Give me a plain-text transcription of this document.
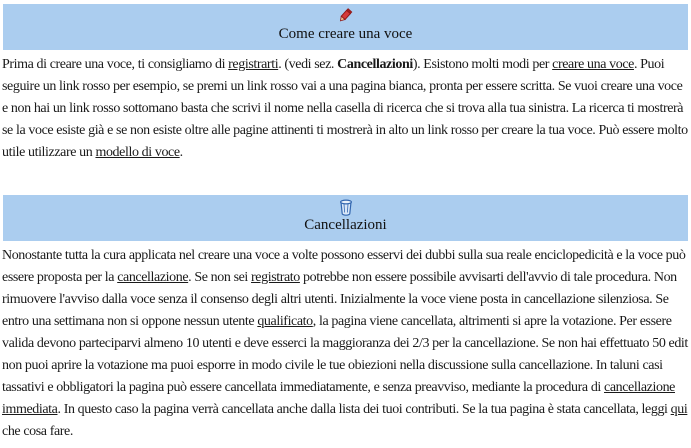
Come creare una voce

Prima di creare una voce, ti consigliamo di registrarti. (vedi sez. Cancellazioni). Esistono molti modi per creare una voce. Puoi seguire un link rosso per esempio, se premi un link rosso vai a una pagina bianca, pronta per essere scritta. Se vuoi creare una voce e non hai un link rosso sottomano basta che scrivi il nome nella casella di ricerca che si trova alla tua sinistra. La ricerca ti mostrerà se la voce esiste già e se non esiste oltre alle pagine attinenti ti mostrerà in alto un link rosso per creare la tua voce. Può essere molto utile utilizzare un modello di voce.

Cancellazioni

Nonostante tutta la cura applicata nel creare una voce a volte possono esservi dei dubbi sulla sua reale enciclopedicità e la voce può essere proposta per la cancellazione. Se non sei registrato potrebbe non essere possibile avvisarti dell'avvio di tale procedura. Non rimuovere l'avviso dalla voce senza il consenso degli altri utenti. Inizialmente la voce viene posta in cancellazione silenziosa. Se entro una settimana non si oppone nessun utente qualificato, la pagina viene cancellata, altrimenti si apre la votazione. Per essere valida devono parteciparvi almeno 10 utenti e deve esserci la maggioranza dei 2/3 per la cancellazione. Se non hai effettuato 50 edit non puoi aprire la votazione ma puoi esporre in modo civile le tue obiezioni nella discussione sulla cancellazione. In taluni casi tassativi e obbligatori la pagina può essere cancellata immediatamente, e senza preavviso, mediante la procedura di cancellazione immediata. In questo caso la pagina verrà cancellata anche dalla lista dei tuoi contributi. Se la tua pagina è stata cancellata, leggi qui che cosa fare.
